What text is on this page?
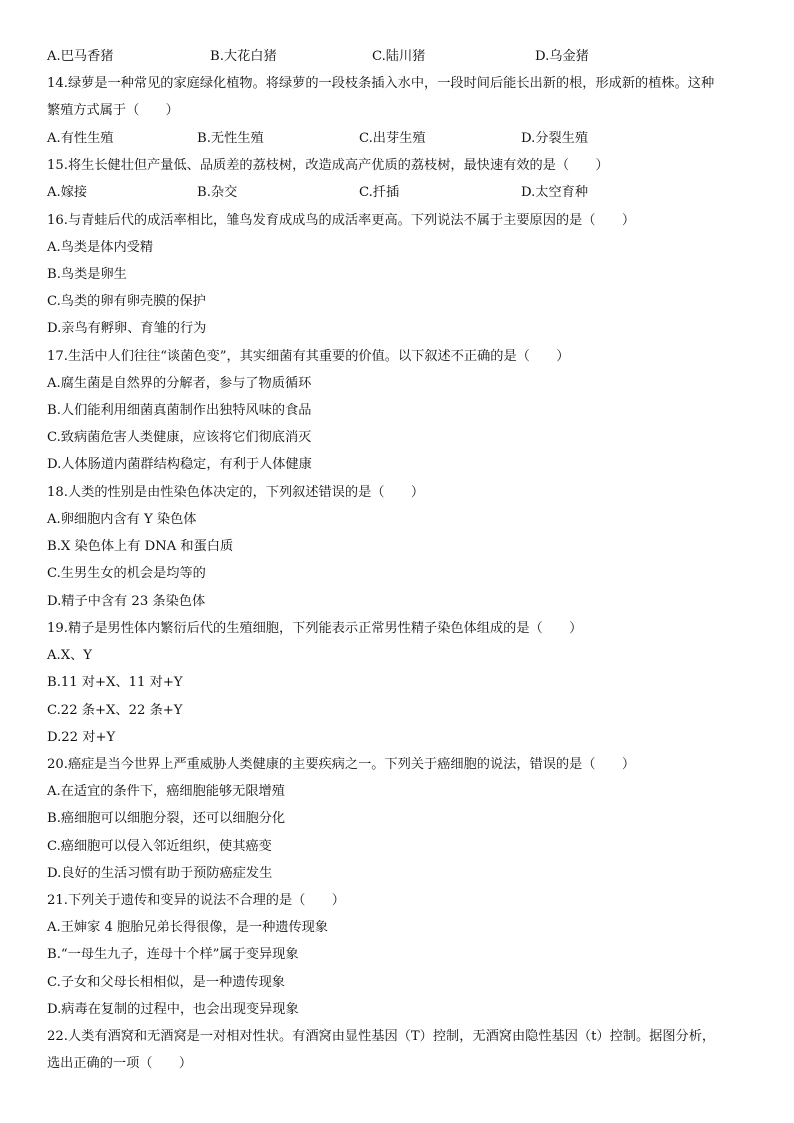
A.巴马香猪	B.大花白猪	C.陆川猪	D.乌金猪
14.绿萝是一种常见的家庭绿化植物。将绿萝的一段枝条插入水中，一段时间后能长出新的根，形成新的植株。这种
繁殖方式属于（　　）
A.有性生殖	B.无性生殖	C.出芽生殖	D.分裂生殖
15.将生长健壮但产量低、品质差的荔枝树，改造成高产优质的荔枝树，最快速有效的是（　　）
A.嫁接	B.杂交	C.扦插	D.太空育种
16.与青蛙后代的成活率相比，雏鸟发育成成鸟的成活率更高。下列说法不属于主要原因的是（　　）
A.鸟类是体内受精
B.鸟类是卵生
C.鸟类的卵有卵壳膜的保护
D.亲鸟有孵卵、育雏的行为
17.生活中人们往往“谈菌色变”，其实细菌有其重要的价值。以下叙述不正确的是（　　）
A.腐生菌是自然界的分解者，参与了物质循环
B.人们能利用细菌真菌制作出独特风味的食品
C.致病菌危害人类健康，应该将它们彻底消灭
D.人体肠道内菌群结构稳定，有利于人体健康
18.人类的性别是由性染色体决定的，下列叙述错误的是（　　）
A.卵细胞内含有 Y 染色体
B.X 染色体上有 DNA 和蛋白质
C.生男生女的机会是均等的
D.精子中含有 23 条染色体
19.精子是男性体内繁衍后代的生殖细胞，下列能表示正常男性精子染色体组成的是（　　）
A.X、Y
B.11 对+X、11 对+Y
C.22 条+X、22 条+Y
D.22 对+Y
20.癌症是当今世界上严重威胁人类健康的主要疾病之一。下列关于癌细胞的说法，错误的是（　　）
A.在适宜的条件下，癌细胞能够无限增殖
B.癌细胞可以细胞分裂，还可以细胞分化
C.癌细胞可以侵入邻近组织，使其癌变
D.良好的生活习惯有助于预防癌症发生
21.下列关于遗传和变异的说法不合理的是（　　）
A.王婶家 4 胞胎兄弟长得很像，是一种遗传现象
B.“一母生九子，连母十个样”属于变异现象
C.子女和父母长相相似，是一种遗传现象
D.病毒在复制的过程中，也会出现变异现象
22.人类有酒窝和无酒窝是一对相对性状。有酒窝由显性基因（T）控制，无酒窝由隐性基因（t）控制。据图分析，
选出正确的一项（　　）
